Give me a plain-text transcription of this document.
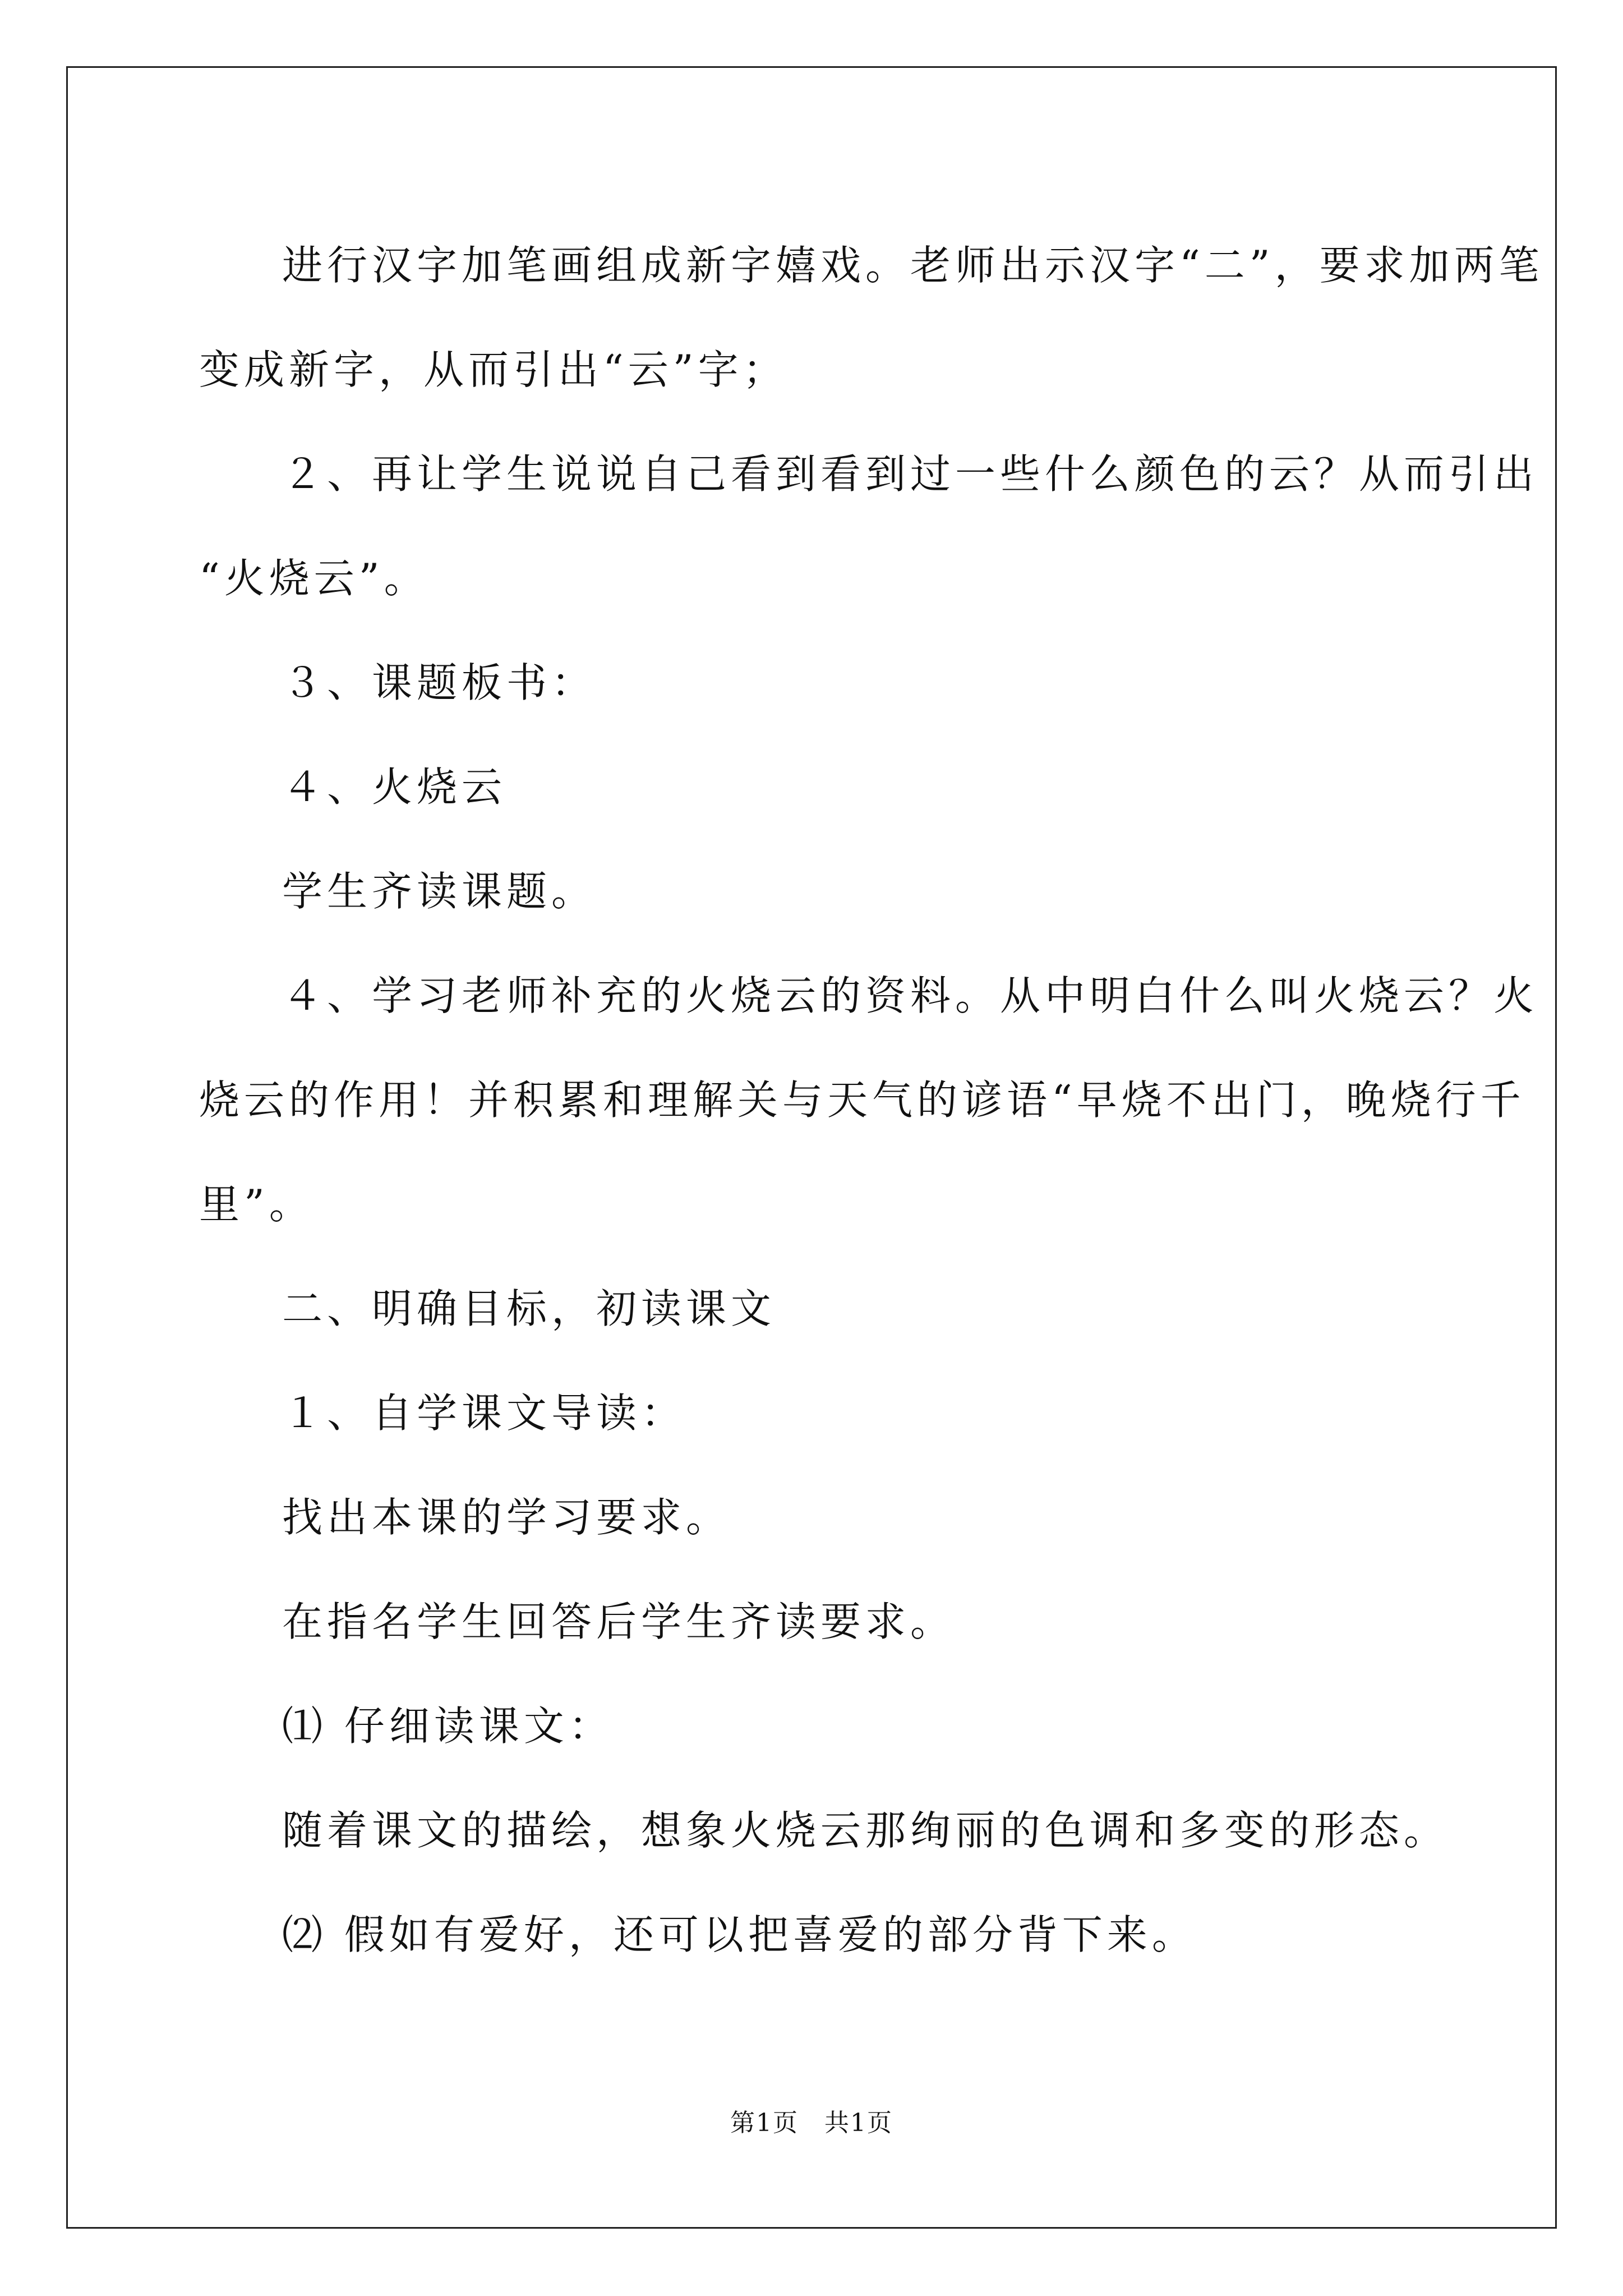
进行汉字加笔画组成新字嬉戏。老师出示汉字“二”，要求加两笔

变成新字，从而引出“云”字；

２、再让学生说说自己看到看到过一些什么颜色的云？从而引出

“火烧云”。

３、课题板书：

４、火烧云

学生齐读课题。

４、学习老师补充的火烧云的资料。从中明白什么叫火烧云？火

烧云的作用！并积累和理解关与天气的谚语“早烧不出门，晚烧行千

里”。

二、明确目标，初读课文

１、自学课文导读：

找出本课的学习要求。

在指名学生回答后学生齐读要求。

⑴ 仔细读课文：

随着课文的描绘，想象火烧云那绚丽的色调和多变的形态。

⑵ 假如有爱好，还可以把喜爱的部分背下来。

第1页　共1页
